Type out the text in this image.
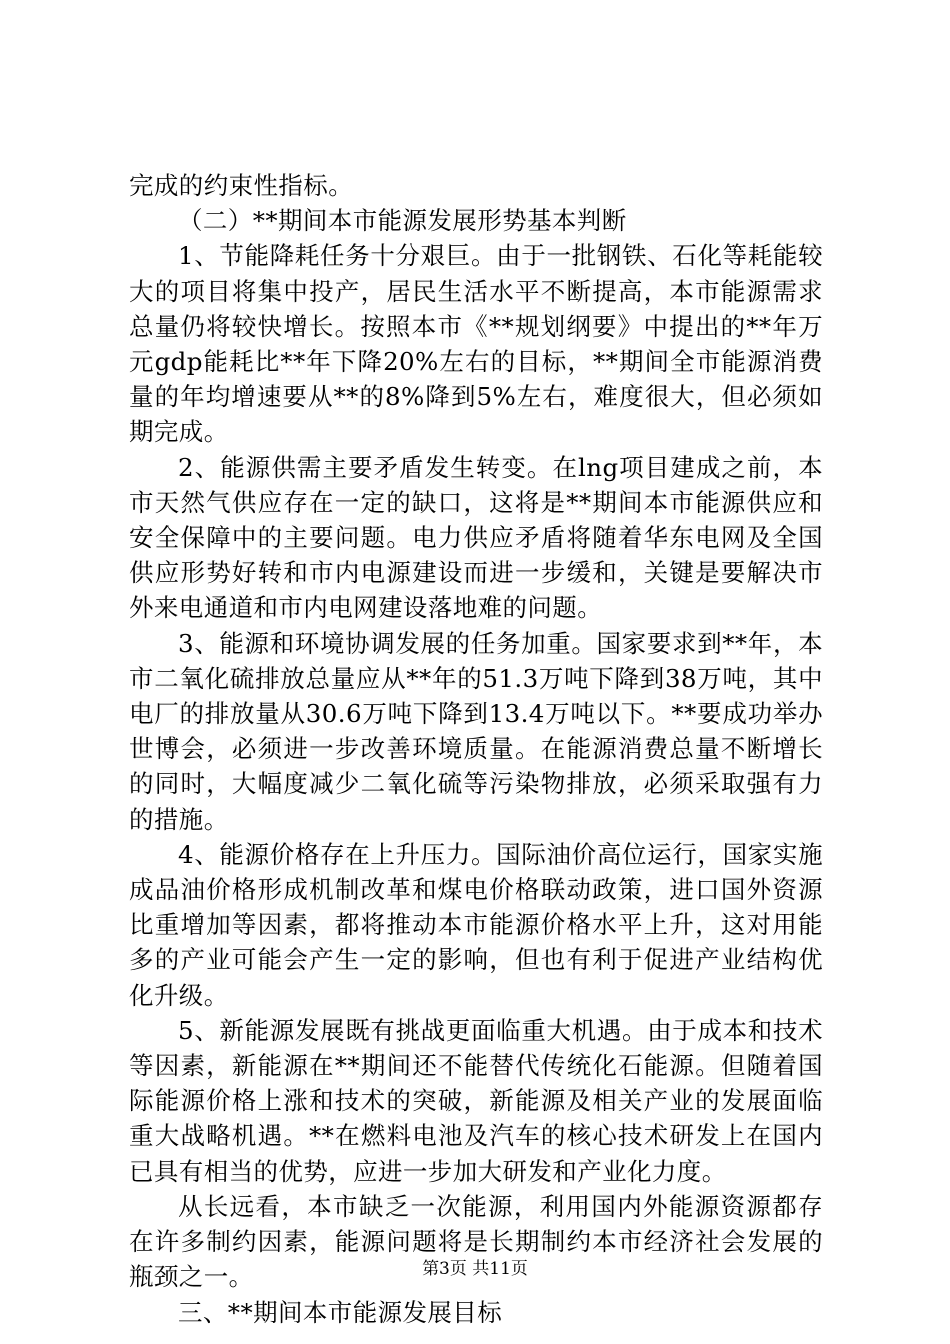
完成的约束性指标。

（二）**期间本市能源发展形势基本判断

1、节能降耗任务十分艰巨。由于一批钢铁、石化等耗能较大的项目将集中投产，居民生活水平不断提高，本市能源需求总量仍将较快增长。按照本市《**规划纲要》中提出的**年万元gdp能耗比**年下降20%左右的目标，**期间全市能源消费量的年均增速要从**的8%降到5%左右，难度很大，但必须如期完成。

2、能源供需主要矛盾发生转变。在lng项目建成之前，本市天然气供应存在一定的缺口，这将是**期间本市能源供应和安全保障中的主要问题。电力供应矛盾将随着华东电网及全国供应形势好转和市内电源建设而进一步缓和，关键是要解决市外来电通道和市内电网建设落地难的问题。

3、能源和环境协调发展的任务加重。国家要求到**年，本市二氧化硫排放总量应从**年的51.3万吨下降到38万吨，其中电厂的排放量从30.6万吨下降到13.4万吨以下。**要成功举办世博会，必须进一步改善环境质量。在能源消费总量不断增长的同时，大幅度减少二氧化硫等污染物排放，必须采取强有力的措施。

4、能源价格存在上升压力。国际油价高位运行，国家实施成品油价格形成机制改革和煤电价格联动政策，进口国外资源比重增加等因素，都将推动本市能源价格水平上升，这对用能多的产业可能会产生一定的影响，但也有利于促进产业结构优化升级。

5、新能源发展既有挑战更面临重大机遇。由于成本和技术等因素，新能源在**期间还不能替代传统化石能源。但随着国际能源价格上涨和技术的突破，新能源及相关产业的发展面临重大战略机遇。**在燃料电池及汽车的核心技术研发上在国内已具有相当的优势，应进一步加大研发和产业化力度。

从长远看，本市缺乏一次能源，利用国内外能源资源都存在许多制约因素，能源问题将是长期制约本市经济社会发展的瓶颈之一。

三、**期间本市能源发展目标

第3页 共11页
